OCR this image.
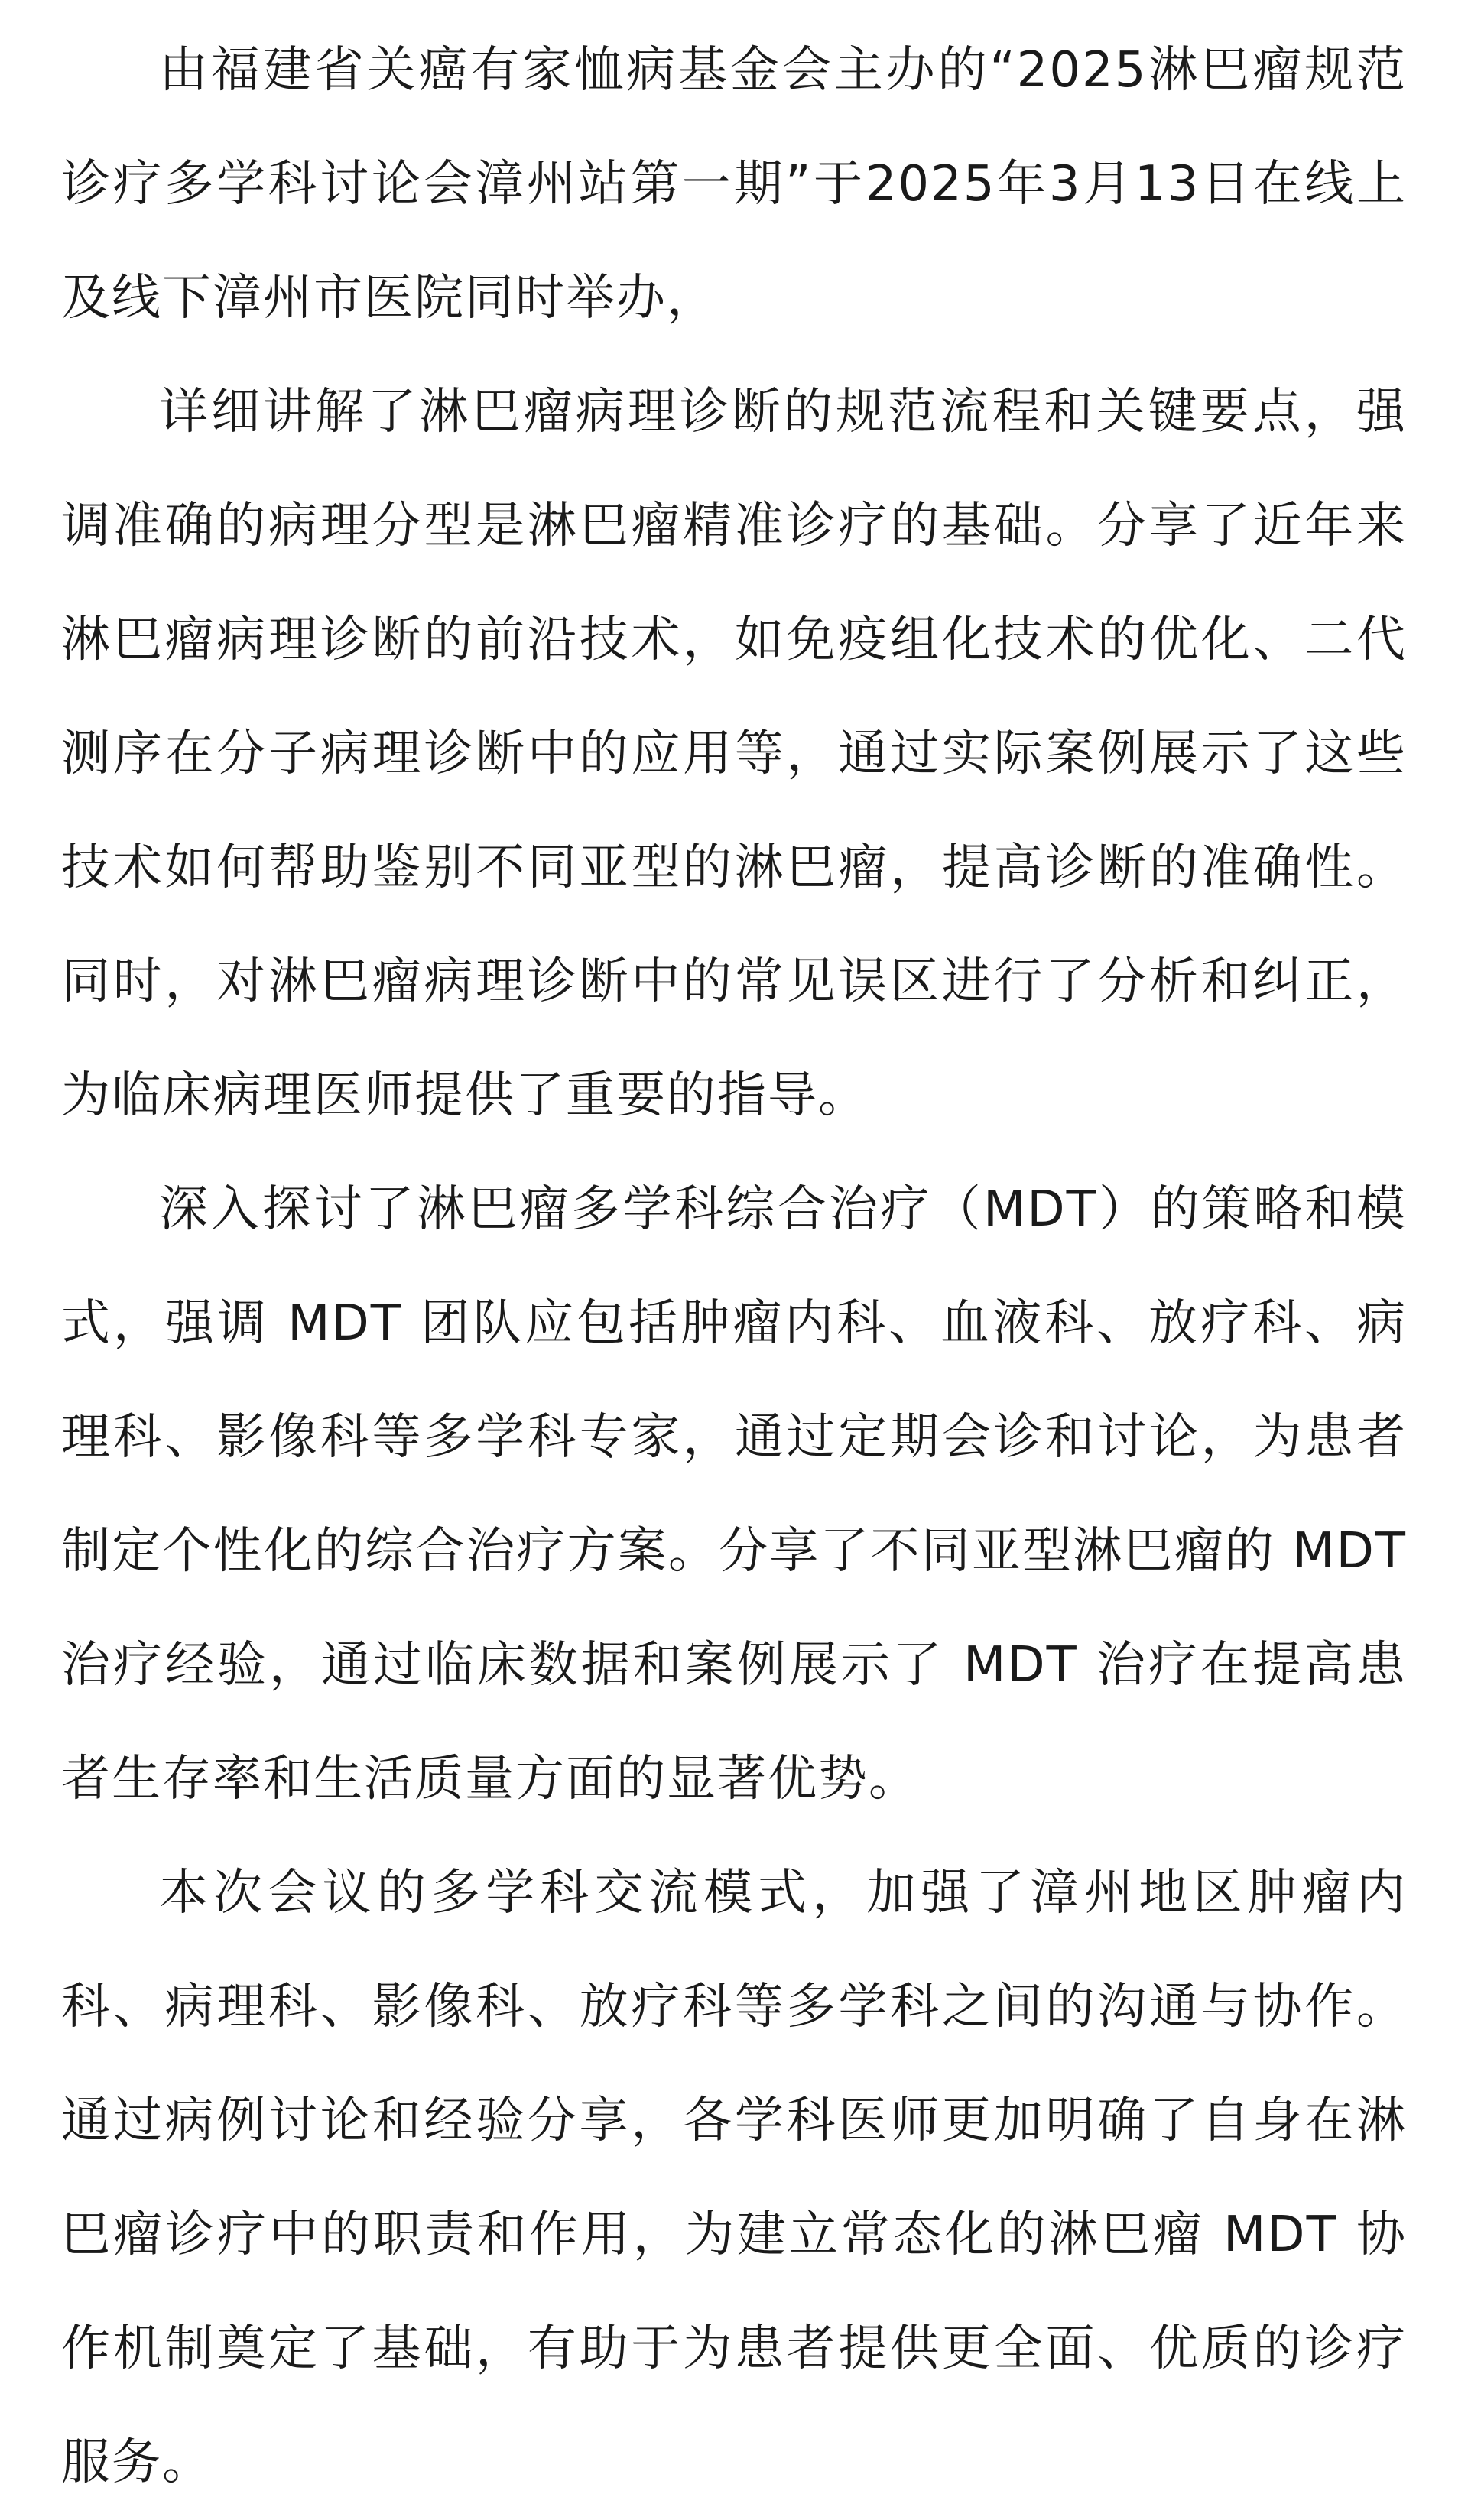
由福建省关癌有家恤病基金会主办的“2025淋巴瘤规范诊疗多学科讨论会漳州站第一期”于2025年3月13日在线上及线下漳州市医院同时举办，

详细讲解了淋巴瘤病理诊断的规范流程和关键要点，强调准确的病理分型是淋巴瘤精准诊疗的基础。分享了近年来淋巴瘤病理诊断的前沿技术，如免疫组化技术的优化、二代测序在分子病理诊断中的应用等，通过实际案例展示了这些技术如何帮助鉴别不同亚型的淋巴瘤，提高诊断的准确性。同时，对淋巴瘤病理诊断中的常见误区进行了分析和纠正，为临床病理医师提供了重要的指导。

深入探讨了淋巴瘤多学科综合治疗（MDT）的策略和模式，强调 MDT 团队应包括肿瘤内科、血液科、放疗科、病理科、影像科等多学科专家，通过定期会诊和讨论，为患者制定个性化的综合治疗方案。分享了不同亚型淋巴瘤的 MDT 治疗经验，通过临床数据和案例展示了 MDT 治疗在提高患者生存率和生活质量方面的显著优势。

本次会议的多学科交流模式，加强了漳州地区肿瘤内科、病理科、影像科、放疗科等多学科之间的沟通与协作。通过病例讨论和经验分享，各学科医师更加明确了自身在淋巴瘤诊疗中的职责和作用，为建立常态化的淋巴瘤 MDT 协作机制奠定了基础，有助于为患者提供更全面、优质的诊疗服务。
